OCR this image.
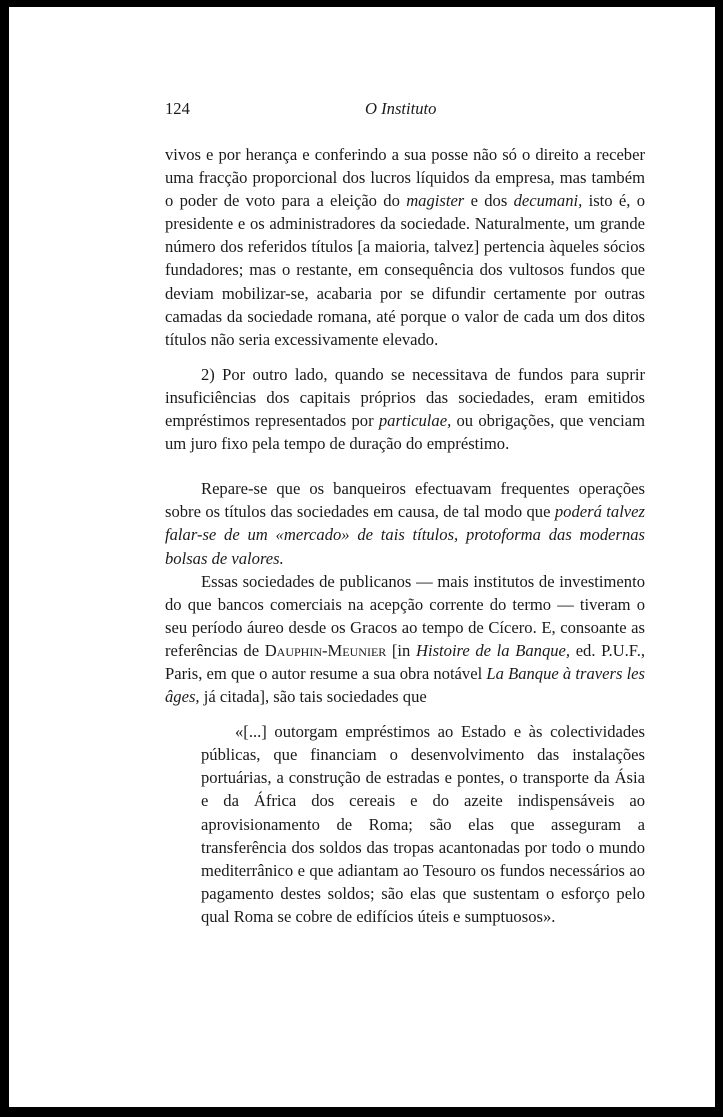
124	O Instituto

vivos e por herança e conferindo a sua posse não só o direito a receber uma fracção proporcional dos lucros líquidos da empresa, mas também o poder de voto para a eleição do magister e dos decumani, isto é, o presidente e os administradores da sociedade. Naturalmente, um grande número dos referidos títulos [a maioria, talvez] pertencia àqueles sócios fundadores; mas o restante, em consequência dos vultosos fundos que deviam mobilizar-se, acabaria por se difundir certamente por outras camadas da sociedade romana, até porque o valor de cada um dos ditos títulos não seria excessivamente elevado.

2) Por outro lado, quando se necessitava de fundos para suprir insuficiências dos capitais próprios das sociedades, eram emitidos empréstimos representados por particulae, ou obrigações, que venciam um juro fixo pela tempo de duração do empréstimo.

Repare-se que os banqueiros efectuavam frequentes operações sobre os títulos das sociedades em causa, de tal modo que poderá talvez falar-se de um «mercado» de tais títulos, protoforma das modernas bolsas de valores.

Essas sociedades de publicanos — mais institutos de investimento do que bancos comerciais na acepção corrente do termo — tiveram o seu período áureo desde os Gracos ao tempo de Cícero. E, consoante as referências de Dauphin-Meunier [in Histoire de la Banque, ed. P.U.F., Paris, em que o autor resume a sua obra notável La Banque à travers les âges, já citada], são tais sociedades que

«[...] outorgam empréstimos ao Estado e às colectividades públicas, que financiam o desenvolvimento das instalações portuárias, a construção de estradas e pontes, o transporte da Ásia e da África dos cereais e do azeite indispensáveis ao aprovisionamento de Roma; são elas que asseguram a transferência dos soldos das tropas acantonadas por todo o mundo mediterrânico e que adiantam ao Tesouro os fundos necessários ao pagamento destes soldos; são elas que sustentam o esforço pelo qual Roma se cobre de edifícios úteis e sumptuosos».
